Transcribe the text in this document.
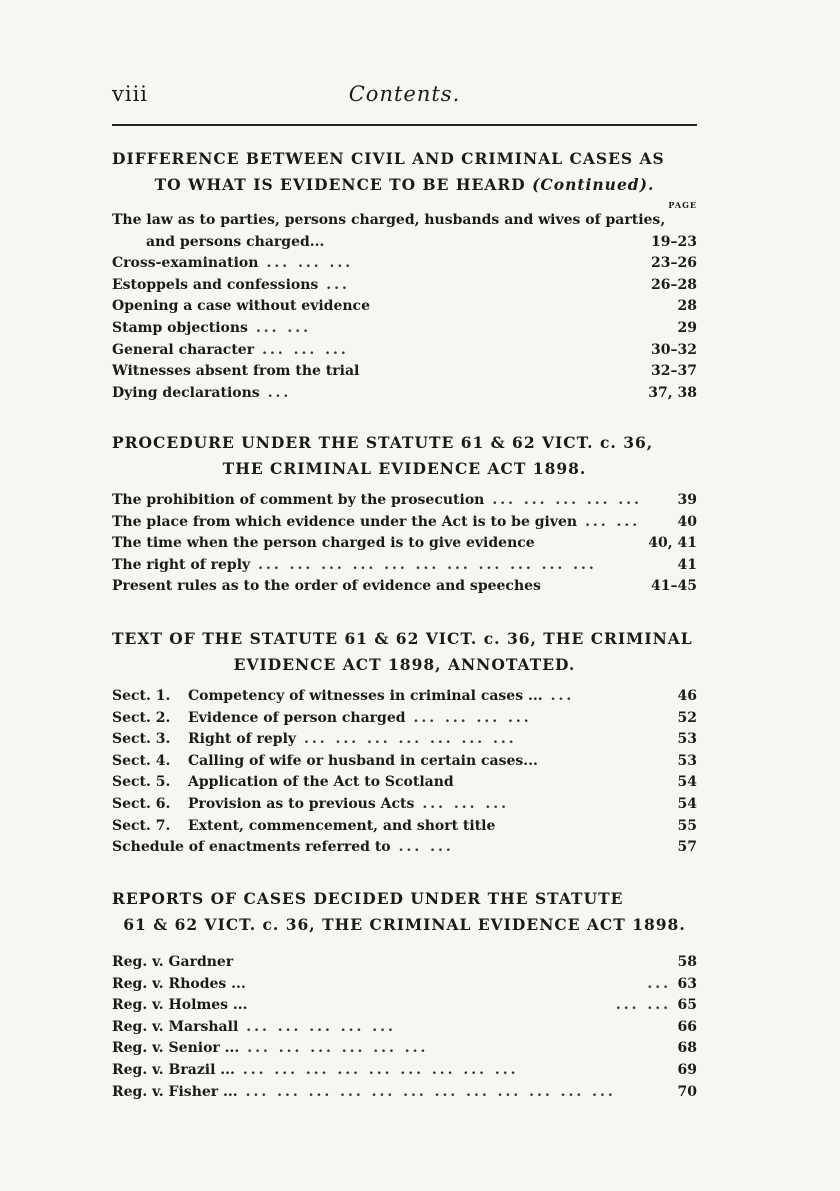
viii	Contents.
DIFFERENCE BETWEEN CIVIL AND CRIMINAL CASES AS
TO WHAT IS EVIDENCE TO BE HEARD (Continued).
PAGE
The law as to parties, persons charged, husbands and wives of parties,
and persons charged...	19–23
Cross-examination ... ... ...	23–26
Estoppels and confessions ...	26–28
Opening a case without evidence	28
Stamp objections ... ...	29
General character ... ... ...	30–32
Witnesses absent from the trial	32–37
Dying declarations ...	37, 38
PROCEDURE UNDER THE STATUTE 61 & 62 VICT. c. 36,
THE CRIMINAL EVIDENCE ACT 1898.
The prohibition of comment by the prosecution ... ... ... ... ...	39
The place from which evidence under the Act is to be given ... ...	40
The time when the person charged is to give evidence	40, 41
The right of reply ... ... ... ... ... ... ... ... ... ... ...	41
Present rules as to the order of evidence and speeches	41–45
TEXT OF THE STATUTE 61 & 62 VICT. c. 36, THE CRIMINAL
EVIDENCE ACT 1898, ANNOTATED.
Sect. 1.	Competency of witnesses in criminal cases ... ...	46
Sect. 2.	Evidence of person charged ... ... ... ...	52
Sect. 3.	Right of reply ... ... ... ... ... ... ...	53
Sect. 4.	Calling of wife or husband in certain cases...	53
Sect. 5.	Application of the Act to Scotland	54
Sect. 6.	Provision as to previous Acts ... ... ...	54
Sect. 7.	Extent, commencement, and short title	55
Schedule of enactments referred to ... ...	57
REPORTS OF CASES DECIDED UNDER THE STATUTE
61 & 62 VICT. c. 36, THE CRIMINAL EVIDENCE ACT 1898.
Reg. v. Gardner	58
Reg. v. Rhodes ...	... 63
Reg. v. Holmes ...	... ... 65
Reg. v. Marshall ... ... ... ... ...	66
Reg. v. Senior ... ... ... ... ... ... ...	68
Reg. v. Brazil ... ... ... ... ... ... ... ... ... ...	69
Reg. v. Fisher ... ... ... ... ... ... ... ... ... ... ... ... ...	70
